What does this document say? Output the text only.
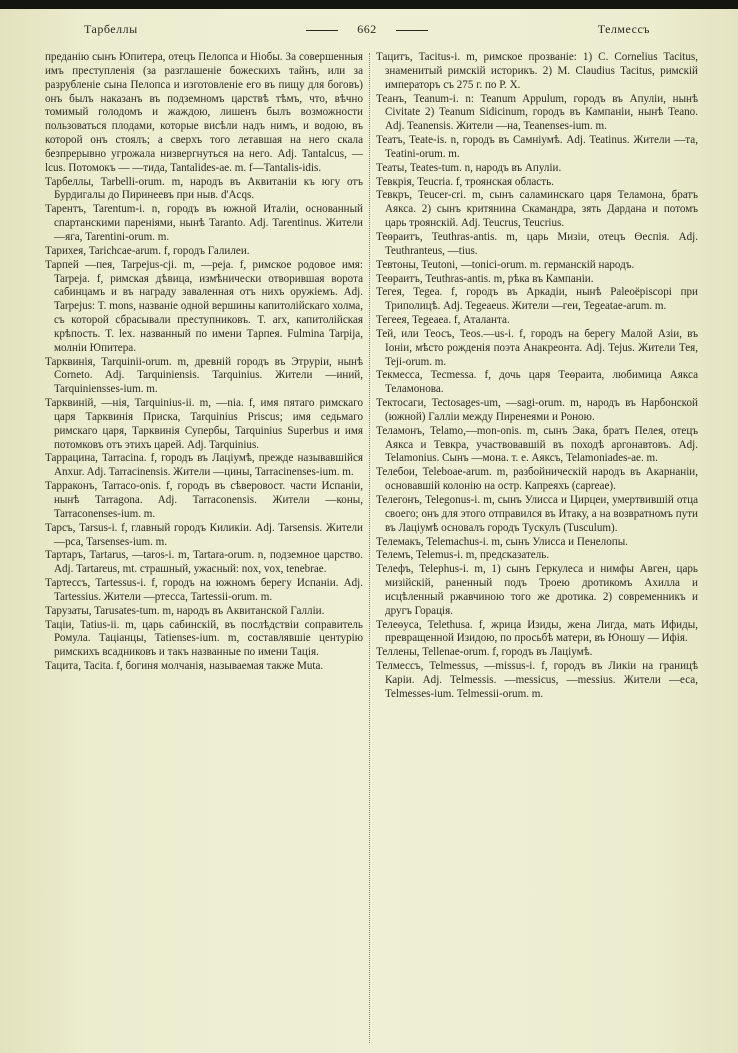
Тарбеллы	662	Телмессъ

преданію сынъ Юпитера, отецъ Пелопса и Ніобы. За совершенныя имъ преступленія (за разглашеніе божескихъ тайнъ, или за разрубленіе сына Пелопса и изготовленіе его въ пищу для боговъ) онъ былъ наказанъ въ подземномъ царствѣ тѣмъ, что, вѣчно томимый голодомъ и жаждою, лишенъ былъ возможности пользоваться плодами, которые висѣли надъ нимъ, и водою, въ которой онъ стоялъ; а сверхъ того летавшая на него скала безпрерывно угрожала низвергнуться на него. Adj. Tantalcus, —lcus. Потомокъ — —тида, Tantalides-ae. m. f—Tantalis-idis.

Тарбеллы, Tarbelli-orum. m, народъ въ Аквитаніи къ югу отъ Бурдигалы до Пиринеевъ при ныв. d'Acqs.

Тарентъ, Tarentum-i. n, городъ въ южной Италіи, основанный спартанскими пареніями, нынѣ Taranto. Adj. Tarentinus. Жители —яга, Tarentini-orum. m.

Тарихея, Tarichcae-arum. f, городъ Галилеи.

Тарпей —пея, Tarpejus-cji. m, —peja. f, римское родовое имя: Tarpeja. f, римская дѣвица, измѣнически отворившая ворота сабинцамъ и въ награду заваленная отъ нихъ оружіемъ. Adj. Tarpejus: T. mons, названіе одной вершины капитолійскаго холма, съ которой сбрасывали преступниковъ. T. arx, капитолійская крѣпость. T. lex. названный по имени Тарпея. Fulmina Tarpija, молніи Юпитера.

Тарквинія, Tarquinii-orum. m, древній городъ въ Этруріи, нынѣ Corneto. Adj. Tarquiniensis. Tarquinius. Жители —иний, Tarquiniensses-ium. m.

Тарквиній, —нія, Tarquinius-ii. m, —nia. f, имя пятаго римскаго царя Тарквинія Приска, Tarquinius Priscus; имя седьмаго римскаго царя, Тарквинія Супербы, Tarquinius Superbus и имя потомковъ отъ этихъ царей. Adj. Tarquinius.

Таррацина, Tarracina. f, городъ въ Лаціумѣ, прежде называвшійся Anxur. Adj. Tarracinensis. Жители —цины, Tarracinenses-ium. m.

Тарраконъ, Tarraco-onis. f, городъ въ сѣверовост. части Испаніи, нынѣ Tarragona. Adj. Tarraconensis. Жители —коны, Tarraconenses-ium. m.

Тарсъ, Tarsus-i. f, главный городъ Киликіи. Adj. Tarsensis. Жители —рса, Tarsenses-ium. m.

Тартаръ, Tartarus, —taros-i. m, Tartara-orum. n, подземное царство. Adj. Tartareus, mt. страшный, ужасный: nox, vox, tenebrae.

Тартессъ, Tartessus-i. f, городъ на южномъ берегу Испаніи. Adj. Tartessius. Жители —ртесса, Tartessii-orum. m.

Тарузаты, Tarusates-tum. m, народъ въ Аквитанской Галліи.

Таціи, Tatius-ii. m, царь сабинскій, въ послѣдствіи соправитель Ромула. Таціанцы, Tatienses-ium. m, составлявшіе центурію римскихъ всадниковъ и такъ названные по имени Тація.

Тацита, Tacita. f, богиня молчанія, называемая также Muta.

Тацитъ, Tacitus-i. m, римское прозваніе: 1) C. Cornelius Tacitus, знаменитый римскій историкъ. 2) M. Claudius Tacitus, римскій императоръ съ 275 г. по Р. Х.

Теанъ, Teanum-i. n: Teanum Appulum, городъ въ Апуліи, нынѣ Civitate 2) Teanum Sidicinum, городъ въ Кампаніи, нынѣ Teano. Adj. Teanensis. Жители —на, Teanenses-ium. m.

Театъ, Teate-is. n, городъ въ Самніумѣ. Adj. Teatinus. Жители —та, Teatini-orum. m.

Театы, Teates-tum. n, народъ въ Апуліи.

Тевкрія, Teucria. f, троянская область.

Тевкръ, Teucer-cri. m, сынъ саламинскаго царя Теламона, братъ Аякса. 2) сынъ критянина Скамандра, зять Дардана и потомъ царь троянскій. Adj. Teucrus, Teucrius.

Теөраитъ, Teuthras-antis. m, царь Мизіи, отецъ Өеспія. Adj. Teuthranteus, —tius.

Тевтоны, Teutoni, —tonici-orum. m. германскій народъ.

Теөраитъ, Teuthras-antis. m, рѣка въ Кампаніи.

Тегея, Tegea. f, городъ въ Аркадіи, нынѣ Paleoëpiscopi при Триполицѣ. Adj. Tegeaeus. Жители —геи, Tegeatae-arum. m.

Тегеея, Tegeaea. f, Аталанта.

Тей, или Теосъ, Teos.—us-i. f, городъ на берегу Малой Азіи, въ Іоніи, мѣсто рожденія поэта Анакреонта. Adj. Tejus. Жители Тея, Teji-orum. m.

Текмесса, Tecmessa. f, дочь царя Теөраита, любимица Аякса Теламонова.

Тектосаги, Tectosages-um, —sagi-orum. m, народъ въ Нарбонской (южной) Галліи между Пиренеями и Роною.

Теламонъ, Telamo,—mon-onis. m, сынъ Эака, братъ Пелея, отецъ Аякса и Тевкра, участвовавшій въ походѣ аргонавтовъ. Adj. Telamonius. Сынъ —мона. т. е. Аяксъ, Telamoniades-ae. m.

Телебои, Teleboae-arum. m, разбойническій народъ въ Акарнаніи, основавшій колонію на остр. Капреяхъ (capreae).

Телегонъ, Telegonus-i. m, сынъ Улисса и Цирцеи, умертвившій отца своего; онъ для этого отправился въ Итаку, а на возвратномъ пути въ Лаціумѣ основалъ городъ Тускулъ (Tusculum).

Телемакъ, Telemachus-i. m, сынъ Улисса и Пенелопы.

Телемъ, Telemus-i. m, предсказатель.

Телефъ, Telephus-i. m, 1) сынъ Геркулеса и нимфы Авген, царь мизійскій, раненный подъ Троею дротикомъ Ахилла и исцѣленный ржавчиною того же дротика. 2) современникъ и другъ Горація.

Телеөуса, Telethusa. f, жрица Изиды, жена Лигда, мать Ифиды, превращенной Изидою, по просьбѣ матери, въ Юношу — Ифія.

Теллены, Tellenae-orum. f, городъ въ Лаціумѣ.

Телмессъ, Telmessus, —missus-i. f, городъ въ Ликіи на границѣ Каріи. Adj. Telmessis. —messicus, —messius. Жители —еса, Telmesses-ium. Telmessii-orum. m.
